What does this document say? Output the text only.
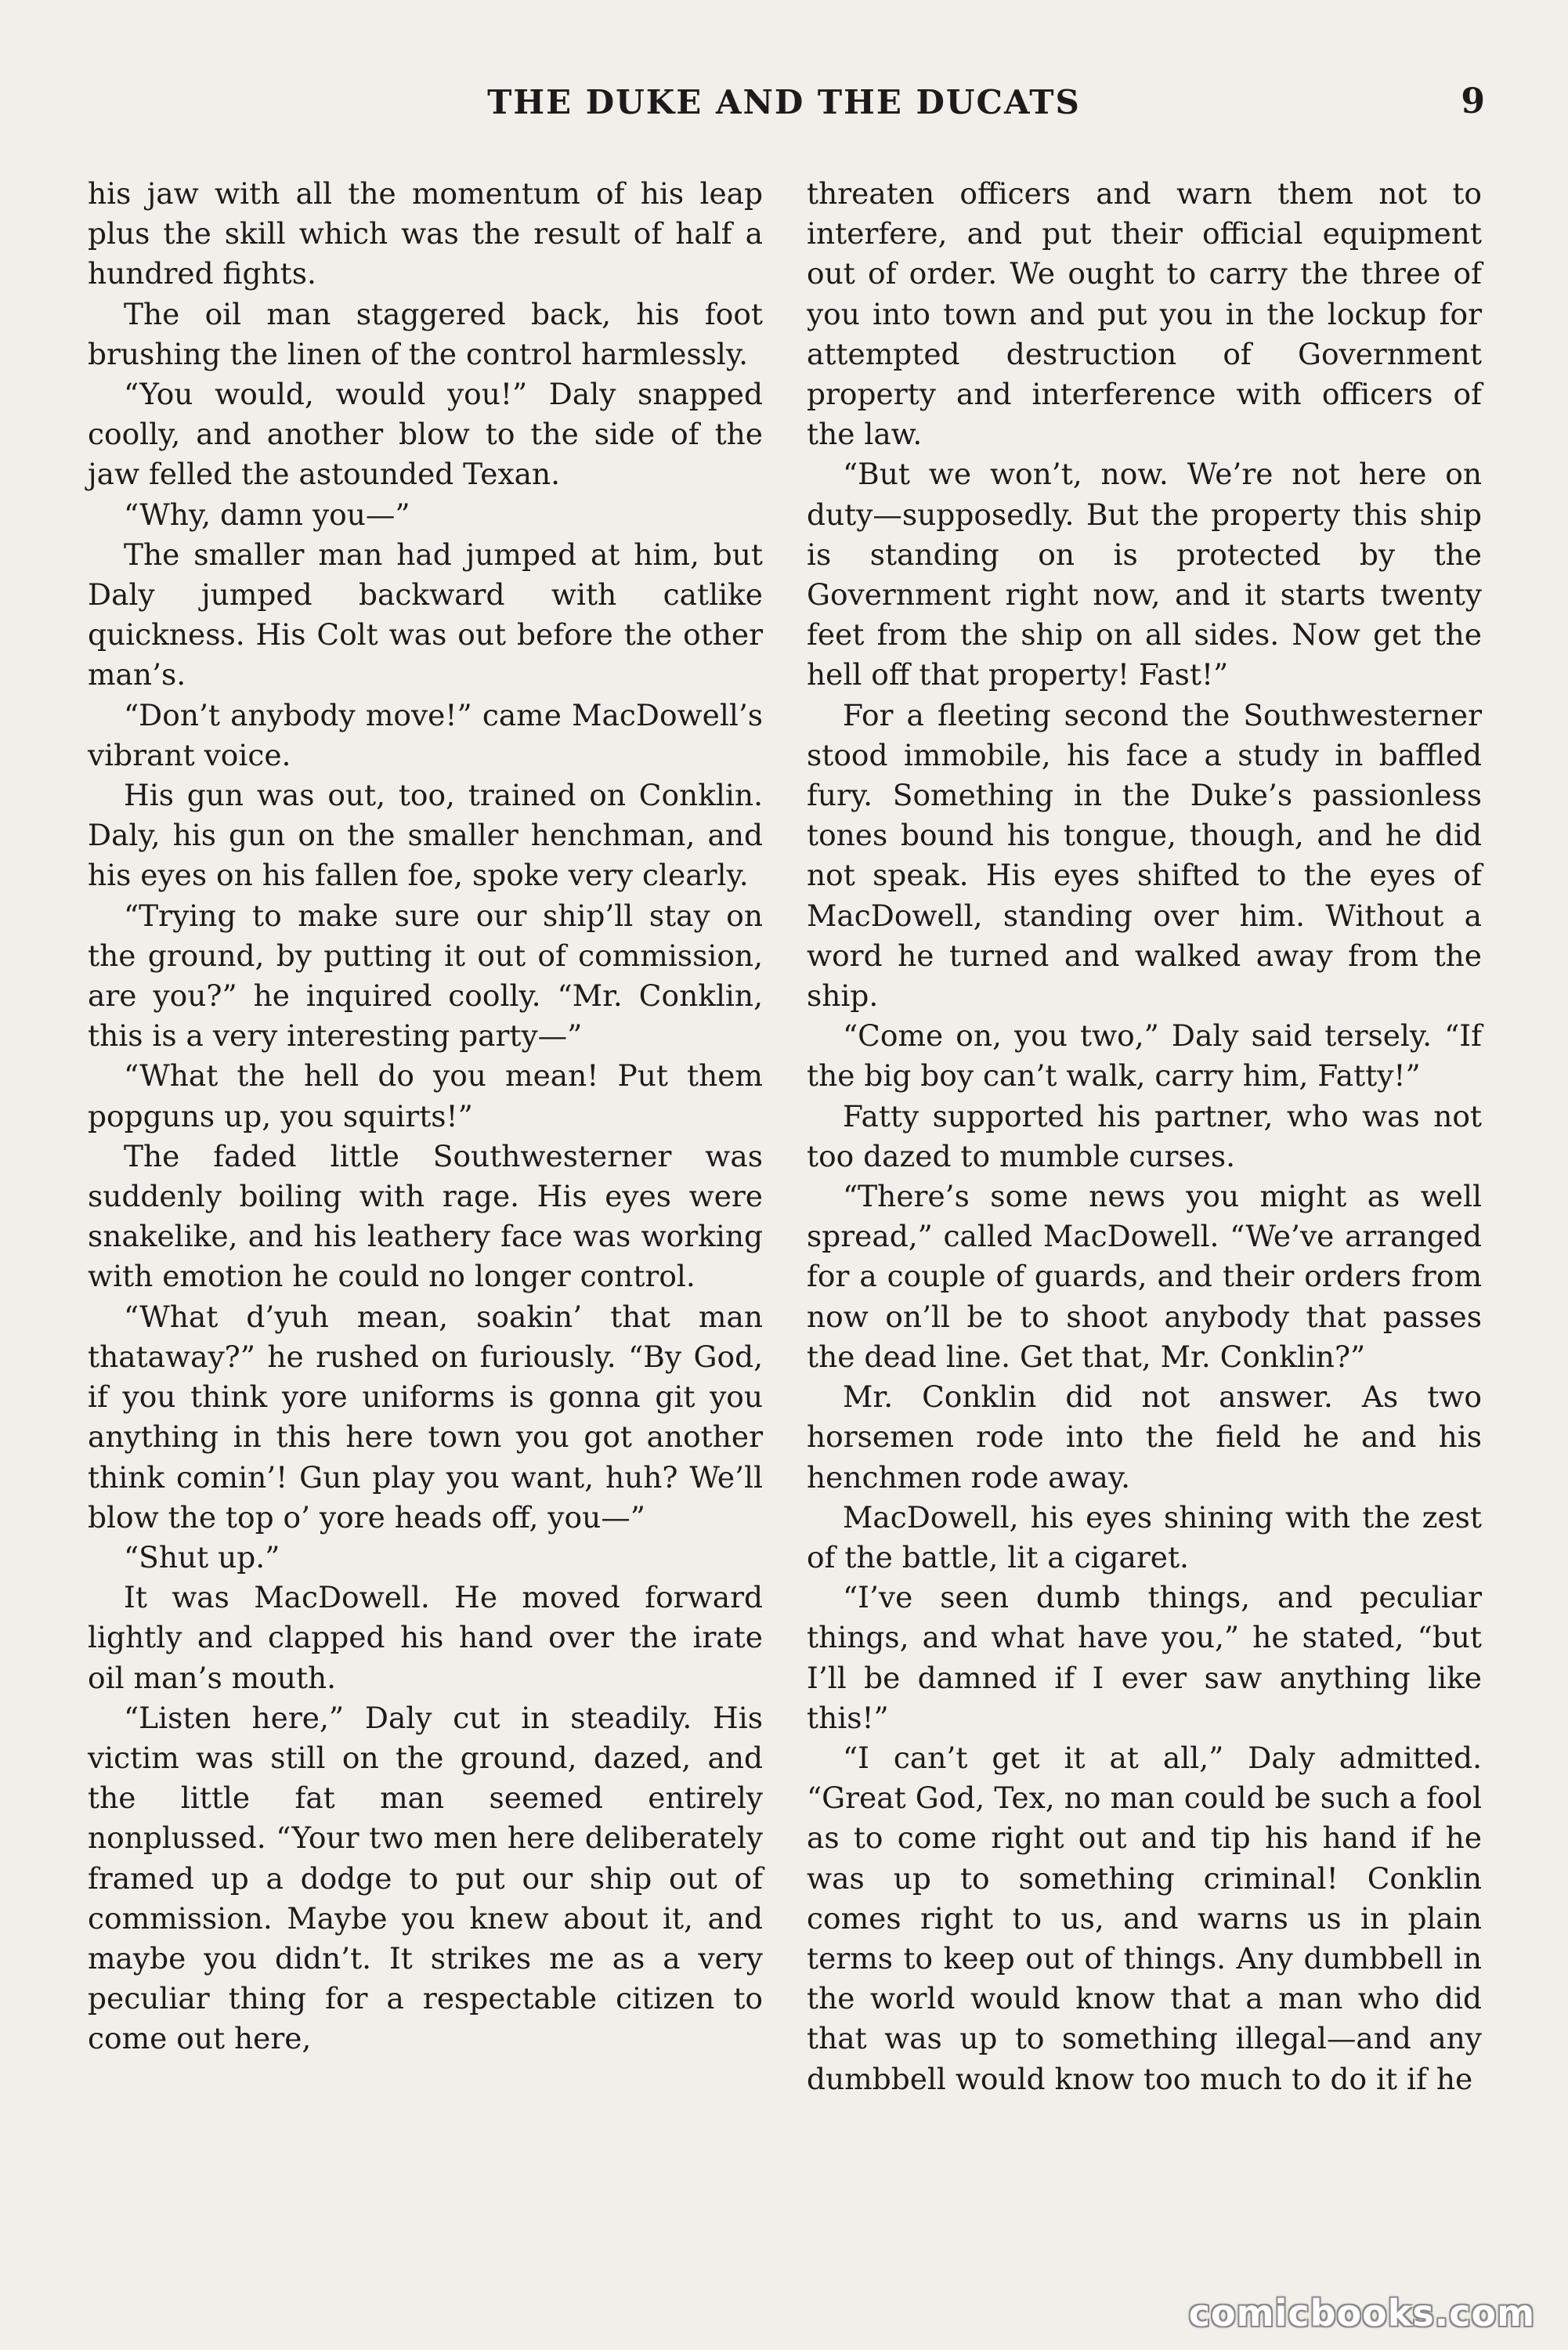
THE DUKE AND THE DUCATS	9

his jaw with all the momentum of his leap plus the skill which was the result of half a hundred fights.

The oil man staggered back, his foot brushing the linen of the control harmlessly.

“You would, would you!” Daly snapped coolly, and another blow to the side of the jaw felled the astounded Texan.

“Why, damn you—”

The smaller man had jumped at him, but Daly jumped backward with catlike quickness. His Colt was out before the other man’s.

“Don’t anybody move!” came MacDowell’s vibrant voice.

His gun was out, too, trained on Conklin. Daly, his gun on the smaller henchman, and his eyes on his fallen foe, spoke very clearly.

“Trying to make sure our ship’ll stay on the ground, by putting it out of commission, are you?” he inquired coolly. “Mr. Conklin, this is a very interesting party—”

“What the hell do you mean! Put them popguns up, you squirts!”

The faded little Southwesterner was suddenly boiling with rage. His eyes were snakelike, and his leathery face was working with emotion he could no longer control.

“What d’yuh mean, soakin’ that man thataway?” he rushed on furiously. “By God, if you think yore uniforms is gonna git you anything in this here town you got another think comin’! Gun play you want, huh? We’ll blow the top o’ yore heads off, you—”

“Shut up.”

It was MacDowell. He moved forward lightly and clapped his hand over the irate oil man’s mouth.

“Listen here,” Daly cut in steadily. His victim was still on the ground, dazed, and the little fat man seemed entirely nonplussed. “Your two men here deliberately framed up a dodge to put our ship out of commission. Maybe you knew about it, and maybe you didn’t. It strikes me as a very peculiar thing for a respectable citizen to come out here,

threaten officers and warn them not to interfere, and put their official equipment out of order. We ought to carry the three of you into town and put you in the lockup for attempted destruction of Government property and interference with officers of the law.

“But we won’t, now. We’re not here on duty—supposedly. But the property this ship is standing on is protected by the Government right now, and it starts twenty feet from the ship on all sides. Now get the hell off that property! Fast!”

For a fleeting second the Southwesterner stood immobile, his face a study in baffled fury. Something in the Duke’s passionless tones bound his tongue, though, and he did not speak. His eyes shifted to the eyes of MacDowell, standing over him. Without a word he turned and walked away from the ship.

“Come on, you two,” Daly said tersely. “If the big boy can’t walk, carry him, Fatty!”

Fatty supported his partner, who was not too dazed to mumble curses.

“There’s some news you might as well spread,” called MacDowell. “We’ve arranged for a couple of guards, and their orders from now on’ll be to shoot anybody that passes the dead line. Get that, Mr. Conklin?”

Mr. Conklin did not answer. As two horsemen rode into the field he and his henchmen rode away.

MacDowell, his eyes shining with the zest of the battle, lit a cigaret.

“I’ve seen dumb things, and peculiar things, and what have you,” he stated, “but I’ll be damned if I ever saw anything like this!”

“I can’t get it at all,” Daly admitted. “Great God, Tex, no man could be such a fool as to come right out and tip his hand if he was up to something criminal! Conklin comes right to us, and warns us in plain terms to keep out of things. Any dumbbell in the world would know that a man who did that was up to something illegal—and any dumbbell would know too much to do it if he

comicbooks.com
